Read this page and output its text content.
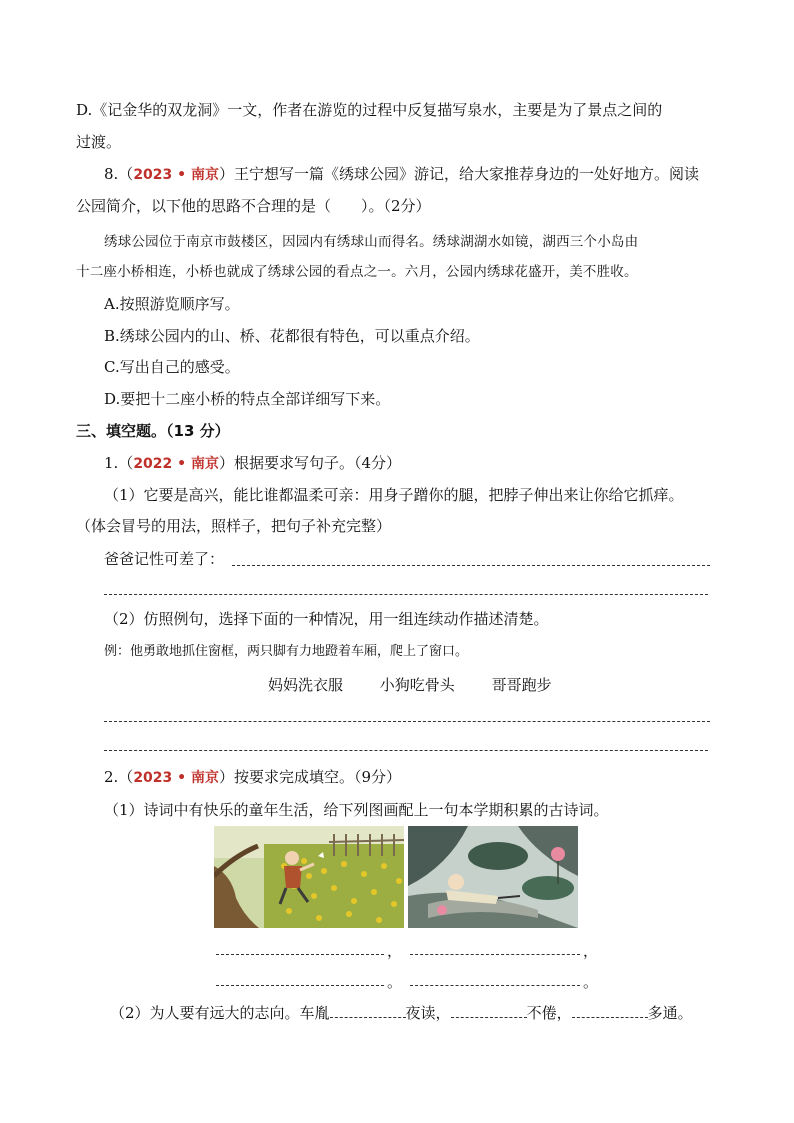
D.《记金华的双龙洞》一文，作者在游览的过程中反复描写泉水，主要是为了景点之间的
过渡。
8.（2023 • 南京）王宁想写一篇《绣球公园》游记，给大家推荐身边的一处好地方。阅读
公园简介，以下他的思路不合理的是（　　）。（2分）
绣球公园位于南京市鼓楼区，因园内有绣球山而得名。绣球湖湖水如镜，湖西三个小岛由
十二座小桥相连，小桥也就成了绣球公园的看点之一。六月，公园内绣球花盛开，美不胜收。
A.按照游览顺序写。
B.绣球公园内的山、桥、花都很有特色，可以重点介绍。
C.写出自己的感受。
D.要把十二座小桥的特点全部详细写下来。
三、填空题。（13 分）
1.（2022 • 南京）根据要求写句子。（4分）
（1）它要是高兴，能比谁都温柔可亲：用身子蹭你的腿，把脖子伸出来让你给它抓痒。
（体会冒号的用法，照样子，把句子补充完整）
爸爸记性可差了：
（2）仿照例句，选择下面的一种情况，用一组连续动作描述清楚。
例：他勇敢地抓住窗框，两只脚有力地蹬着车厢，爬上了窗口。
妈妈洗衣服 小狗吃骨头 哥哥跑步
2.（2023 • 南京）按要求完成填空。（9分）
（1）诗词中有快乐的童年生活，给下列图画配上一句本学期积累的古诗词。
，	，
。	。
（2）为人要有远大的志向。车胤	夜读，	不倦，	多通。
